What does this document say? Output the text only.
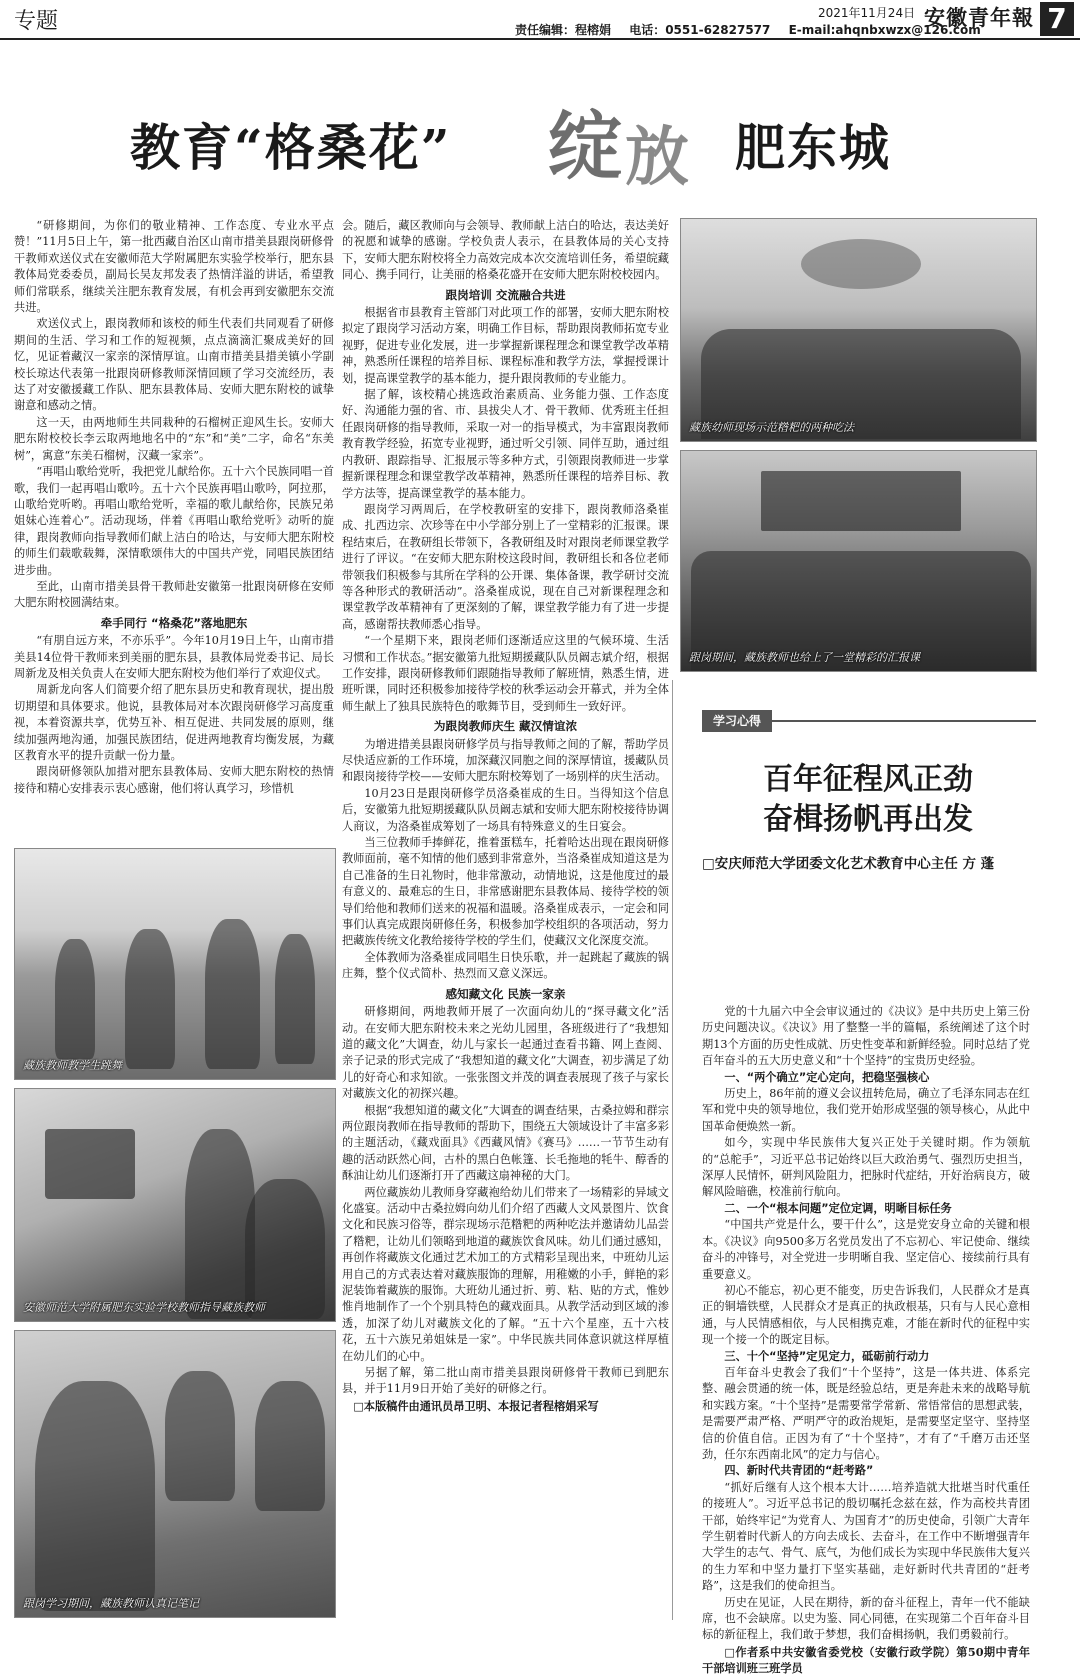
专题	2021年11月24日
责任编辑：程榕娟 电话：0551-62827577 E-mail:ahqnbxwzx@126.com
安徽青年報 7
教育“格桑花” 绽 放 肥东城

“研修期间，为你们的敬业精神、工作态度、专业水平点赞！”11月5日上午，第一批西藏自治区山南市措美县跟岗研修骨干教师欢送仪式在安徽师范大学附属肥东实验学校举行，肥东县教体局党委委员，副局长吴友邦发表了热情洋溢的讲话，希望教师们常联系，继续关注肥东教育发展，有机会再到安徽肥东交流共进。

欢送仪式上，跟岗教师和该校的师生代表们共同观看了研修期间的生活、学习和工作的短视频，点点滴滴汇聚成美好的回忆，见证着藏汉一家亲的深情厚谊。山南市措美县措美镇小学副校长琼达代表第一批跟岗研修教师深情回顾了学习交流经历，表达了对安徽援藏工作队、肥东县教体局、安师大肥东附校的诚挚谢意和感动之情。

这一天，由两地师生共同栽种的石榴树正迎风生长。安师大肥东附校校长李云取两地地名中的“东”和“美”二字，命名“东美树”，寓意“东美石榴树，汉藏一家亲”。

“再唱山歌给党听，我把党儿献给你。五十六个民族同唱一首歌，我们一起再唱山歌吟。五十六个民族再唱山歌吟，阿拉那，山歌给党听哟。再唱山歌给党听，幸福的歌儿献给你，民族兄弟姐妹心连着心”。活动现场，伴着《再唱山歌给党听》动听的旋律，跟岗教师向指导教师们献上洁白的哈达，与安师大肥东附校的师生们载歌载舞，深情歌颂伟大的中国共产党，同唱民族团结进步曲。

至此，山南市措美县骨干教师赴安徽第一批跟岗研修在安师大肥东附校圆满结束。

牵手同行 “格桑花”落地肥东

“有朋自远方来，不亦乐乎”。今年10月19日上午，山南市措美县14位骨干教师来到美丽的肥东县，县教体局党委书记、局长周新龙及相关负责人在安师大肥东附校为他们举行了欢迎仪式。

周新龙向客人们简要介绍了肥东县历史和教育现状，提出殷切期望和具体要求。他说，县教体局对本次跟岗研修学习高度重视，本着资源共享，优势互补、相互促进、共同发展的原则，继续加强两地沟通，加强民族团结，促进两地教育均衡发展，为藏区教育水平的提升贡献一份力量。

跟岗研修领队加措对肥东县教体局、安师大肥东附校的热情接待和精心安排表示衷心感谢，他们将认真学习，珍惜机

藏族教师教学生跳舞
安徽师范大学附属肥东实验学校教师指导藏族教师
跟岗学习期间，藏族教师认真记笔记

会。随后，藏区教师向与会领导、教师献上洁白的哈达，表达美好的祝愿和诚挚的感谢。学校负责人表示，在县教体局的关心支持下，安师大肥东附校将全力高效完成本次交流培训任务，希望皖藏同心、携手同行，让美丽的格桑花盛开在安师大肥东附校校园内。

跟岗培训 交流融合共进

根据省市县教育主管部门对此项工作的部署，安师大肥东附校拟定了跟岗学习活动方案，明确工作目标，帮助跟岗教师拓宽专业视野，促进专业化发展，进一步掌握新课程理念和课堂教学改革精神，熟悉所任课程的培养目标、课程标准和教学方法，掌握授课计划，提高课堂教学的基本能力，提升跟岗教师的专业能力。

据了解，该校精心挑选政治素质高、业务能力强、工作态度好、沟通能力强的省、市、县拔尖人才、骨干教师、优秀班主任担任跟岗研修的指导教师，采取一对一的指导模式，为丰富跟岗教师教育教学经验，拓宽专业视野，通过听父引领、同伴互助，通过组内教研、跟踪指导、汇报展示等多种方式，引领跟岗教师进一步掌握新课程理念和课堂教学改革精神，熟悉所任课程的培养目标、教学方法等，提高课堂教学的基本能力。

跟岗学习两周后，在学校教研室的安排下，跟岗教师洛桑崔成、扎西边宗、次珍等在中小学部分别上了一堂精彩的汇报课。课程结束后，在教研组长带领下，各教研组及时对跟岗老师课堂教学进行了评议。“在安师大肥东附校这段时间，教研组长和各位老师带领我们积极参与其所在学科的公开课、集体备课，教学研讨交流等各种形式的教研活动”。洛桑崔成说，现在自己对新课程理念和课堂教学改革精神有了更深刻的了解，课堂教学能力有了进一步提高，感谢帮扶教师悉心指导。

“一个星期下来，跟岗老师们逐渐适应这里的气候环境、生活习惯和工作状态。”据安徽第九批短期援藏队队员阚志斌介绍，根据工作安排，跟岗研修教师们跟随指导教师了解班情，熟悉生情，进班听课，同时还积极参加接待学校的秋季运动会开幕式，并为全体师生献上了独具民族特色的歌舞节目，受到师生一致好评。

为跟岗教师庆生 藏汉情谊浓

为增进措美县跟岗研修学员与指导教师之间的了解，帮助学员尽快适应新的工作环境，加深藏汉同胞之间的深厚情谊，援藏队员和跟岗接待学校——安师大肥东附校筹划了一场别样的庆生活动。

10月23日是跟岗研修学员洛桑崔成的生日。当得知这个信息后，安徽第九批短期援藏队队员阚志斌和安师大肥东附校接待协调人商议，为洛桑崔成筹划了一场具有特殊意义的生日宴会。

当三位教师手捧鲜花，推着蛋糕车，托着哈达出现在跟岗研修教师面前，毫不知情的他们感到非常意外，当洛桑崔成知道这是为自己准备的生日礼物时，他非常激动，动情地说，这是他度过的最有意义的、最难忘的生日，非常感谢肥东县教体局、接待学校的领导们给他和教师们送来的祝福和温暖。洛桑崔成表示，一定会和同事们认真完成跟岗研修任务，积极参加学校组织的各项活动，努力把藏族传统文化教给接待学校的学生们，使藏汉文化深度交流。

全体教师为洛桑崔成同唱生日快乐歌，并一起跳起了藏族的锅庄舞，整个仪式简朴、热烈而又意义深远。

感知藏文化 民族一家亲

研修期间，两地教师开展了一次面向幼儿的“探寻藏文化”活动。在安师大肥东附校未来之光幼儿园里，各班级进行了“我想知道的藏文化”大调查，幼儿与家长一起通过查看书籍、网上查阅、亲子记录的形式完成了“我想知道的藏文化”大调查，初步满足了幼儿的好奇心和求知欲。一张张图文并茂的调查表展现了孩子与家长对藏族文化的初探兴趣。

根据“我想知道的藏文化”大调查的调查结果，古桑拉姆和群宗两位跟岗教师在指导教师的帮助下，围绕五大领域设计了丰富多彩的主题活动，《藏戏面具》《西藏风情》《赛马》……一节节生动有趣的活动跃然心间，古朴的黑白色帐篷、长毛拖地的牦牛、醇香的酥油让幼儿们逐渐打开了西藏这扇神秘的大门。

两位藏族幼儿教师身穿藏袍给幼儿们带来了一场精彩的异域文化盛宴。活动中古桑拉姆向幼儿们介绍了西藏人文风景图片、饮食文化和民族习俗等，群宗现场示范糌粑的两种吃法并邀请幼儿品尝了糌粑，让幼儿们领略到地道的藏族饮食风味。幼儿们通过感知，再创作将藏族文化通过艺术加工的方式精彩呈现出来，中班幼儿运用自己的方式表达着对藏族服饰的理解，用稚嫩的小手，鲜艳的彩泥装饰着藏族的服饰。大班幼儿通过折、剪、粘、贴的方式，惟妙惟肖地制作了一个个别具特色的藏戏面具。从教学活动到区域的渗透，加深了幼儿对藏族文化的了解。“五十六个星座，五十六枝花，五十六族兄弟姐妹是一家”。中华民族共同体意识就这样厚植在幼儿们的心中。

另据了解，第二批山南市措美县跟岗研修骨干教师已到肥东县，并于11月9日开始了美好的研修之行。

□本版稿件由通讯员昂卫明、本报记者程榕娟采写

藏族幼师现场示范糌粑的两种吃法
跟岗期间，藏族教师也给上了一堂精彩的汇报课
学习心得
百年征程风正劲
奋楫扬帆再出发
□安庆师范大学团委文化艺术教育中心主任 方 蓬

党的十九届六中全会审议通过的《决议》是中共历史上第三份历史问题决议。《决议》用了整整一半的篇幅，系统阐述了这个时期13个方面的历史性成就、历史性变革和新鲜经验。同时总结了党百年奋斗的五大历史意义和“十个坚持”的宝贵历史经验。

一、“两个确立”定心定向，把稳坚强核心

历史上，86年前的遵义会议扭转危局，确立了毛泽东同志在红军和党中央的领导地位，我们党开始形成坚强的领导核心，从此中国革命便焕然一新。

如今，实现中华民族伟大复兴正处于关键时期。作为领航的“总舵手”，习近平总书记始终以巨大政治勇气、强烈历史担当，深厚人民情怀，研判风险阻力，把脉时代症结，开好治病良方，破解风险暗礁，校准前行航向。

二、一个“根本问题”定位定调，明晰目标任务

“中国共产党是什么，要干什么”，这是党安身立命的关键和根本。《决议》向9500多万名党员发出了不忘初心、牢记使命、继续奋斗的冲锋号，对全党进一步明晰自我、坚定信心、接续前行具有重要意义。

初心不能忘，初心更不能变，历史告诉我们，人民群众才是真正的铜墙铁壁，人民群众才是真正的执政根基，只有与人民心意相通，与人民情感相依，与人民相携克难，才能在新时代的征程中实现一个接一个的既定目标。

三、十个“坚持”定见定力，砥砺前行动力

百年奋斗史教会了我们“十个坚持”，这是一体共进、体系完整、融会贯通的统一体，既是经验总结，更是奔赴未来的战略导航和实践方案。“十个坚持”是需要常学常新、常悟常信的思想武装，是需要严肃严格、严明严守的政治规矩，是需要坚定坚守、坚持坚信的价值自信。正因为有了“十个坚持”，才有了“千磨万击还坚劲，任尔东西南北风”的定力与信心。

四、新时代共青团的“赶考路”

“抓好后继有人这个根本大计……培养造就大批堪当时代重任的接班人”。习近平总书记的殷切嘱托念兹在兹，作为高校共青团干部，始终牢记“为党育人、为国育才”的历史使命，引领广大青年学生朝着时代新人的方向去成长、去奋斗，在工作中不断增强青年大学生的志气、骨气、底气，为他们成长为实现中华民族伟大复兴的生力军和中坚力量打下坚实基础，走好新时代共青团的“赶考路”，这是我们的使命担当。

历史在见证，人民在期待，新的奋斗征程上，青年一代不能缺席，也不会缺席。以史为鉴、同心同德，在实现第二个百年奋斗目标的新征程上，我们敢于梦想，我们奋楫扬帆，我们勇毅前行。

□作者系中共安徽省委党校（安徽行政学院）第50期中青年干部培训班三班学员
